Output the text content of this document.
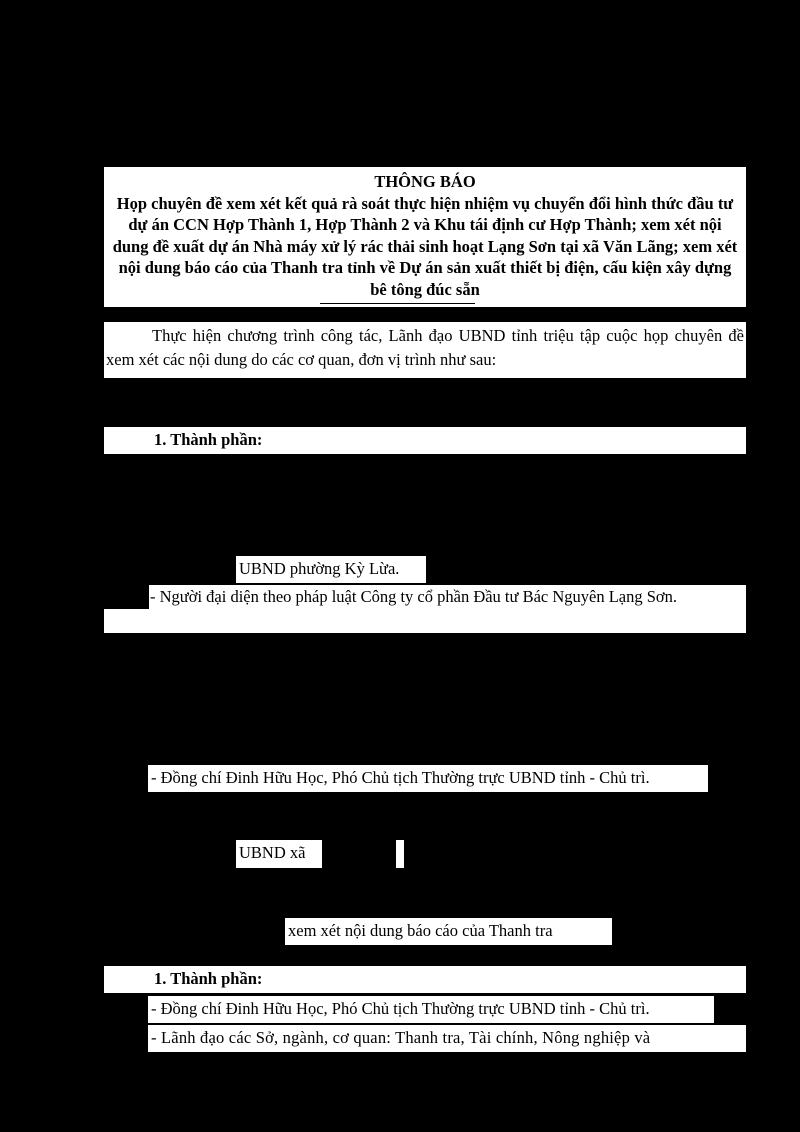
THÔNG BÁO
Họp chuyên đề xem xét kết quả rà soát thực hiện nhiệm vụ chuyển đổi hình thức đầu tư dự án CCN Hợp Thành 1, Hợp Thành 2 và Khu tái định cư Hợp Thành; xem xét nội dung đề xuất dự án Nhà máy xử lý rác thải sinh hoạt Lạng Sơn tại xã Văn Lãng; xem xét nội dung báo cáo của Thanh tra tỉnh về Dự án sản xuất thiết bị điện, cấu kiện xây dựng bê tông đúc sẵn
Thực hiện chương trình công tác, Lãnh đạo UBND tỉnh triệu tập cuộc họp chuyên đề xem xét các nội dung do các cơ quan, đơn vị trình như sau:
1. Thành phần:
UBND phường Kỳ Lừa.
- Người đại diện theo pháp luật Công ty cổ phần Đầu tư Bác Nguyên Lạng Sơn.
- Đồng chí Đinh Hữu Học, Phó Chủ tịch Thường trực UBND tỉnh - Chủ trì.
UBND xã
xem xét nội dung báo cáo của Thanh tra
1. Thành phần:
- Đồng chí Đinh Hữu Học, Phó Chủ tịch Thường trực UBND tỉnh - Chủ trì.
- Lãnh đạo các Sở, ngành, cơ quan: Thanh tra, Tài chính, Nông nghiệp và
